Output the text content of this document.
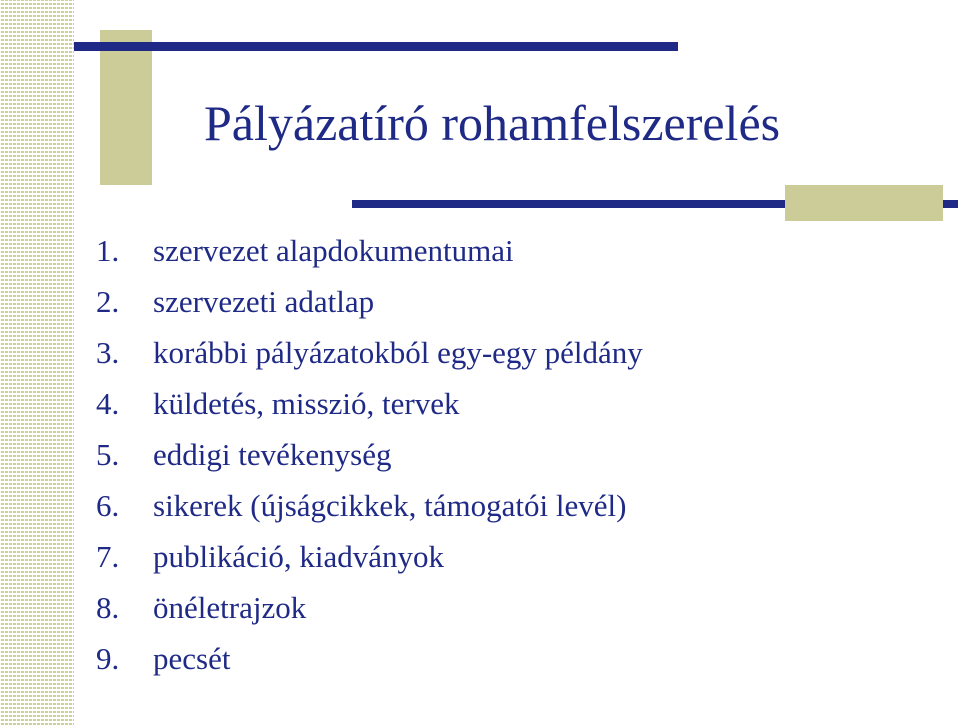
Pályázatíró rohamfelszerelés
1.	szervezet alapdokumentumai
2.	szervezeti adatlap
3.	korábbi pályázatokból egy-egy példány
4.	küldetés, misszió, tervek
5.	eddigi tevékenység
6.	sikerek (újságcikkek, támogatói levél)
7.	publikáció, kiadványok
8.	önéletrajzok
9.	pecsét
